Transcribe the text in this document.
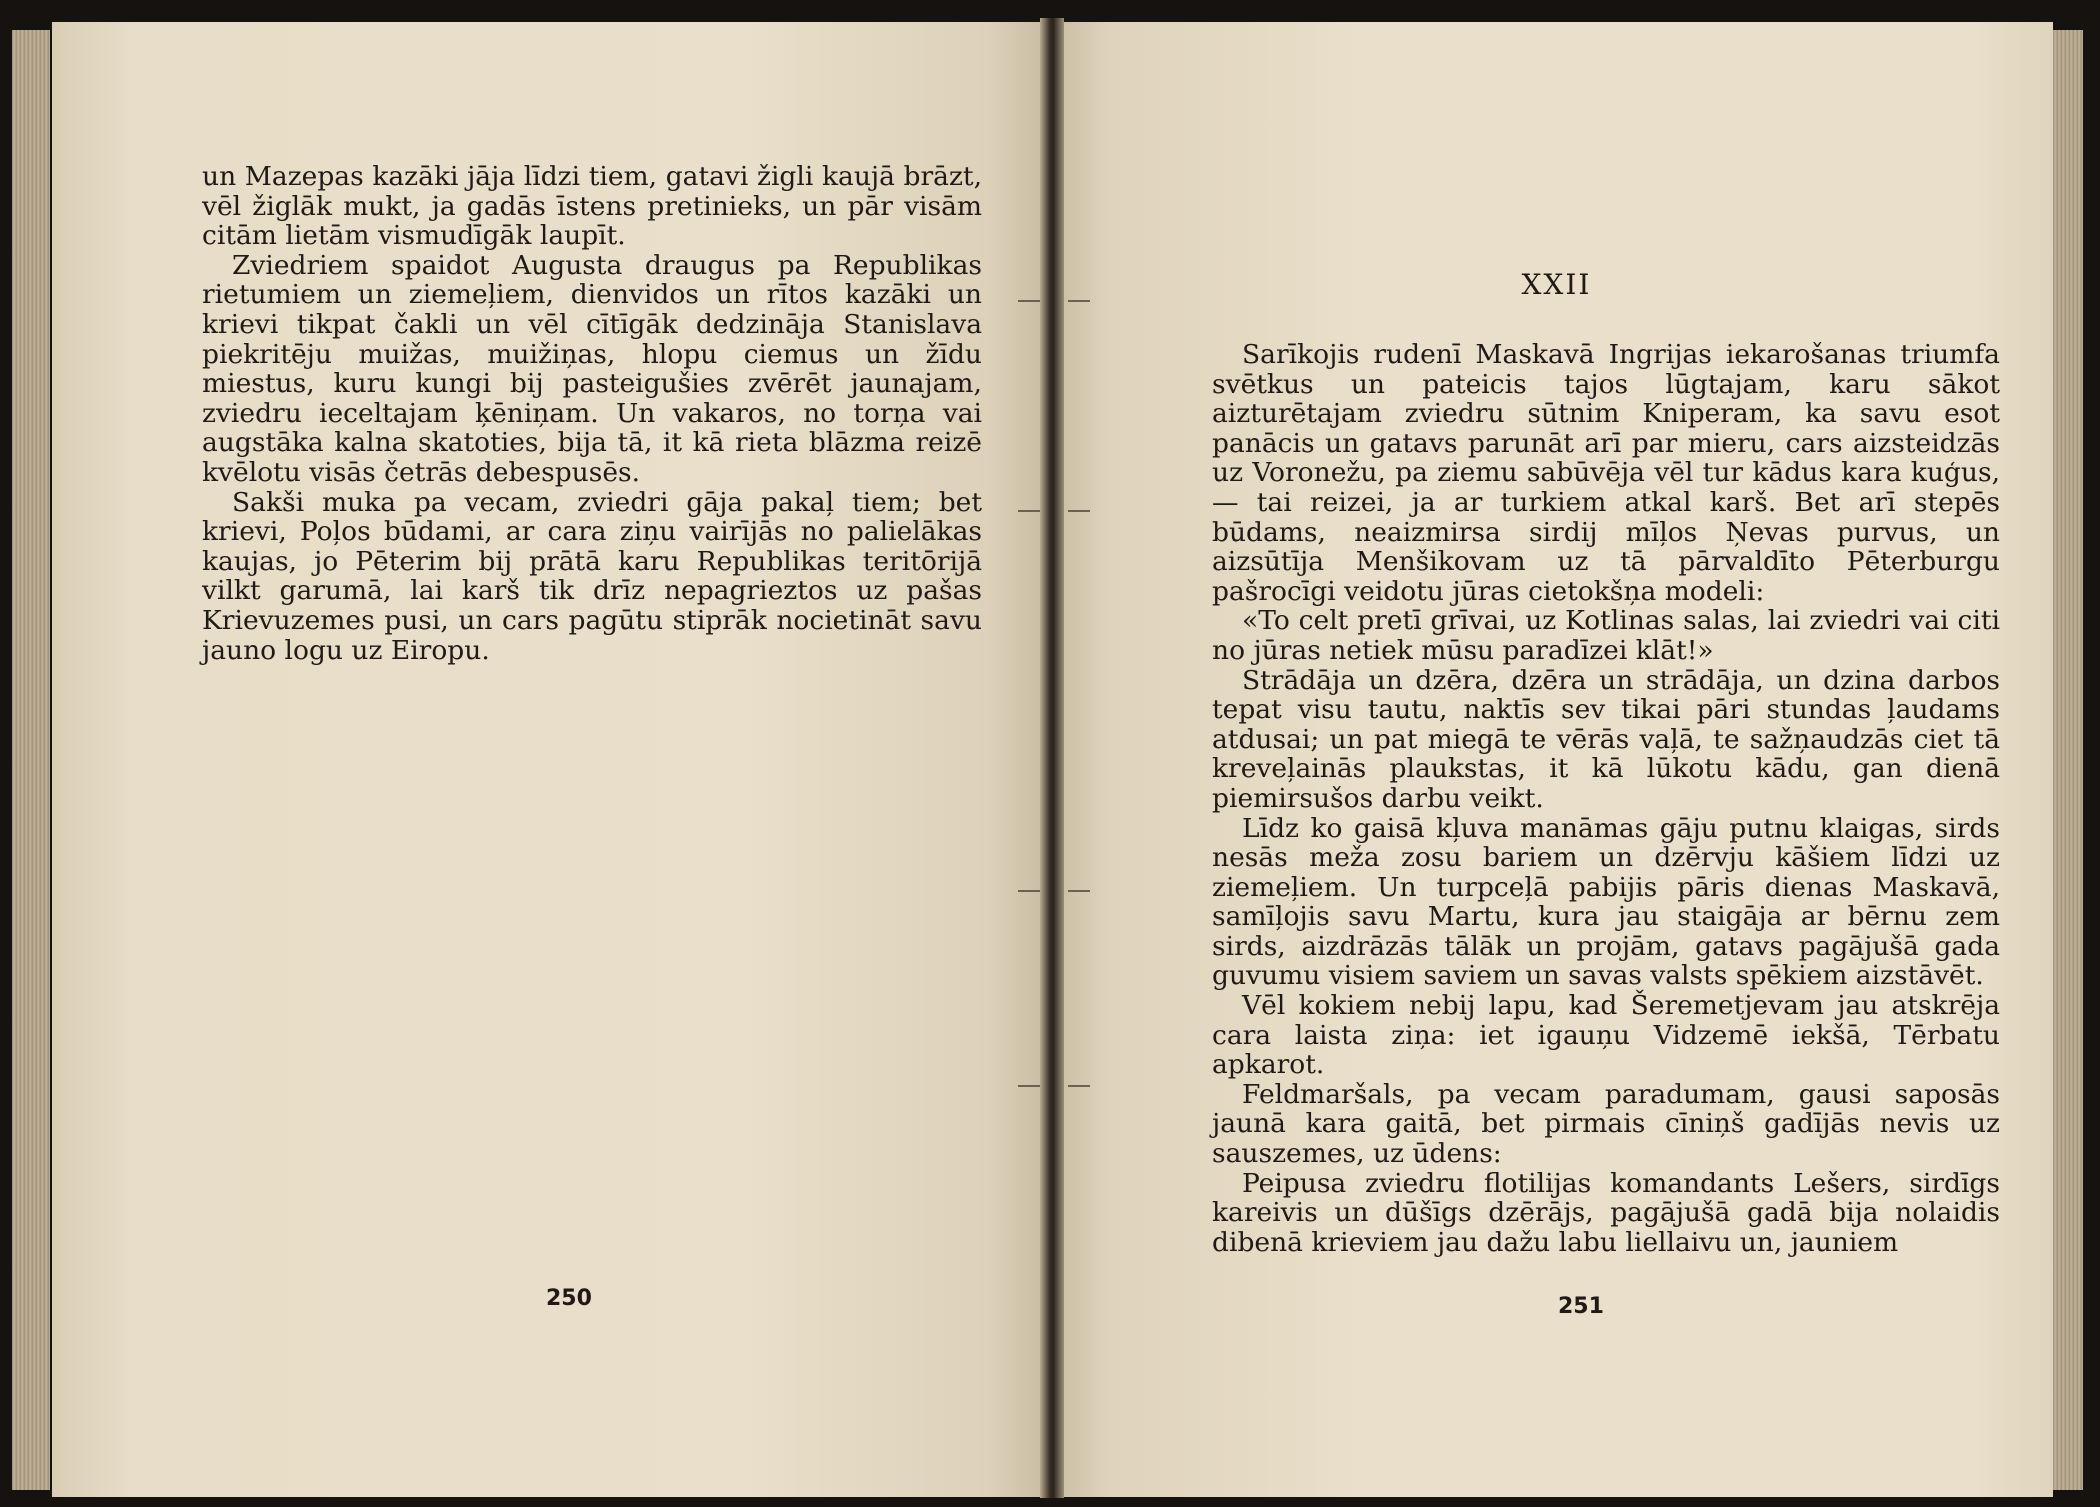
un Mazepas kazāki jāja līdzi tiem, gatavi žigli kaujā brāzt, vēl žiglāk mukt, ja gadās īstens pretinieks, un pār visām citām lietām vismudīgāk laupīt.

Zviedriem spaidot Augusta draugus pa Republikas rietumiem un ziemeļiem, dienvidos un rītos kazāki un krievi tikpat čakli un vēl cītīgāk dedzināja Stanislava piekritēju muižas, muižiņas, hlopu ciemus un žīdu miestus, kuru kungi bij pasteigušies zvērēt jaunajam, zviedru ieceltajam ķēniņam. Un vakaros, no torņa vai augstāka kalna skatoties, bija tā, it kā rieta blāzma reizē kvēlotu visās četrās debespusēs.

Sakši muka pa vecam, zviedri gāja pakaļ tiem; bet krievi, Poļos būdami, ar cara ziņu vairījās no palielākas kaujas, jo Pēterim bij prātā karu Republikas teritōrijā vilkt garumā, lai karš tik drīz nepagrieztos uz pašas Krievuzemes pusi, un cars pagūtu stiprāk nocietināt savu jauno logu uz Eiropu.

Sarīkojis rudenī Maskavā Ingrijas iekarošanas triumfa svētkus un pateicis tajos lūgtajam, karu sākot aizturētajam zviedru sūtnim Kniperam, ka savu esot panācis un gatavs parunāt arī par mieru, cars aizsteidzās uz Voronežu, pa ziemu sabūvēja vēl tur kādus kara kuģus, — tai reizei, ja ar turkiem atkal karš. Bet arī stepēs būdams, neaizmirsa sirdij mīļos Ņevas purvus, un aizsūtīja Menšikovam uz tā pārvaldīto Pēterburgu pašrocīgi veidotu jūras cietokšņa modeli:

«To celt pretī grīvai, uz Kotlinas salas, lai zviedri vai citi no jūras netiek mūsu paradīzei klāt!»

Strādāja un dzēra, dzēra un strādāja, un dzina darbos tepat visu tautu, naktīs sev tikai pāri stundas ļaudams atdusai; un pat miegā te vērās vaļā, te sažņaudzās ciet tā kreveļainās plaukstas, it kā lūkotu kādu, gan dienā piemirsušos darbu veikt.

Līdz ko gaisā kļuva manāmas gāju putnu klaigas, sirds nesās meža zosu bariem un dzērvju kāšiem līdzi uz ziemeļiem. Un turpceļā pabijis pāris dienas Maskavā, samīļojis savu Martu, kura jau staigāja ar bērnu zem sirds, aizdrāzās tālāk un projām, gatavs pagājušā gada guvumu visiem saviem un savas valsts spēkiem aizstāvēt.

Vēl kokiem nebij lapu, kad Šeremetjevam jau atskrēja cara laista ziņa: iet igauņu Vidzemē iekšā, Tērbatu apkarot.

Feldmaršals, pa vecam paradumam, gausi saposās jaunā kara gaitā, bet pirmais cīniņš gadījās nevis uz sauszemes, uz ūdens:

Peipusa zviedru flotilijas komandants Lešers, sirdīgs kareivis un dūšīgs dzērājs, pagājušā gadā bija nolaidis dibenā krieviem jau dažu labu liellaivu un, jauniem

XXII
250	251
